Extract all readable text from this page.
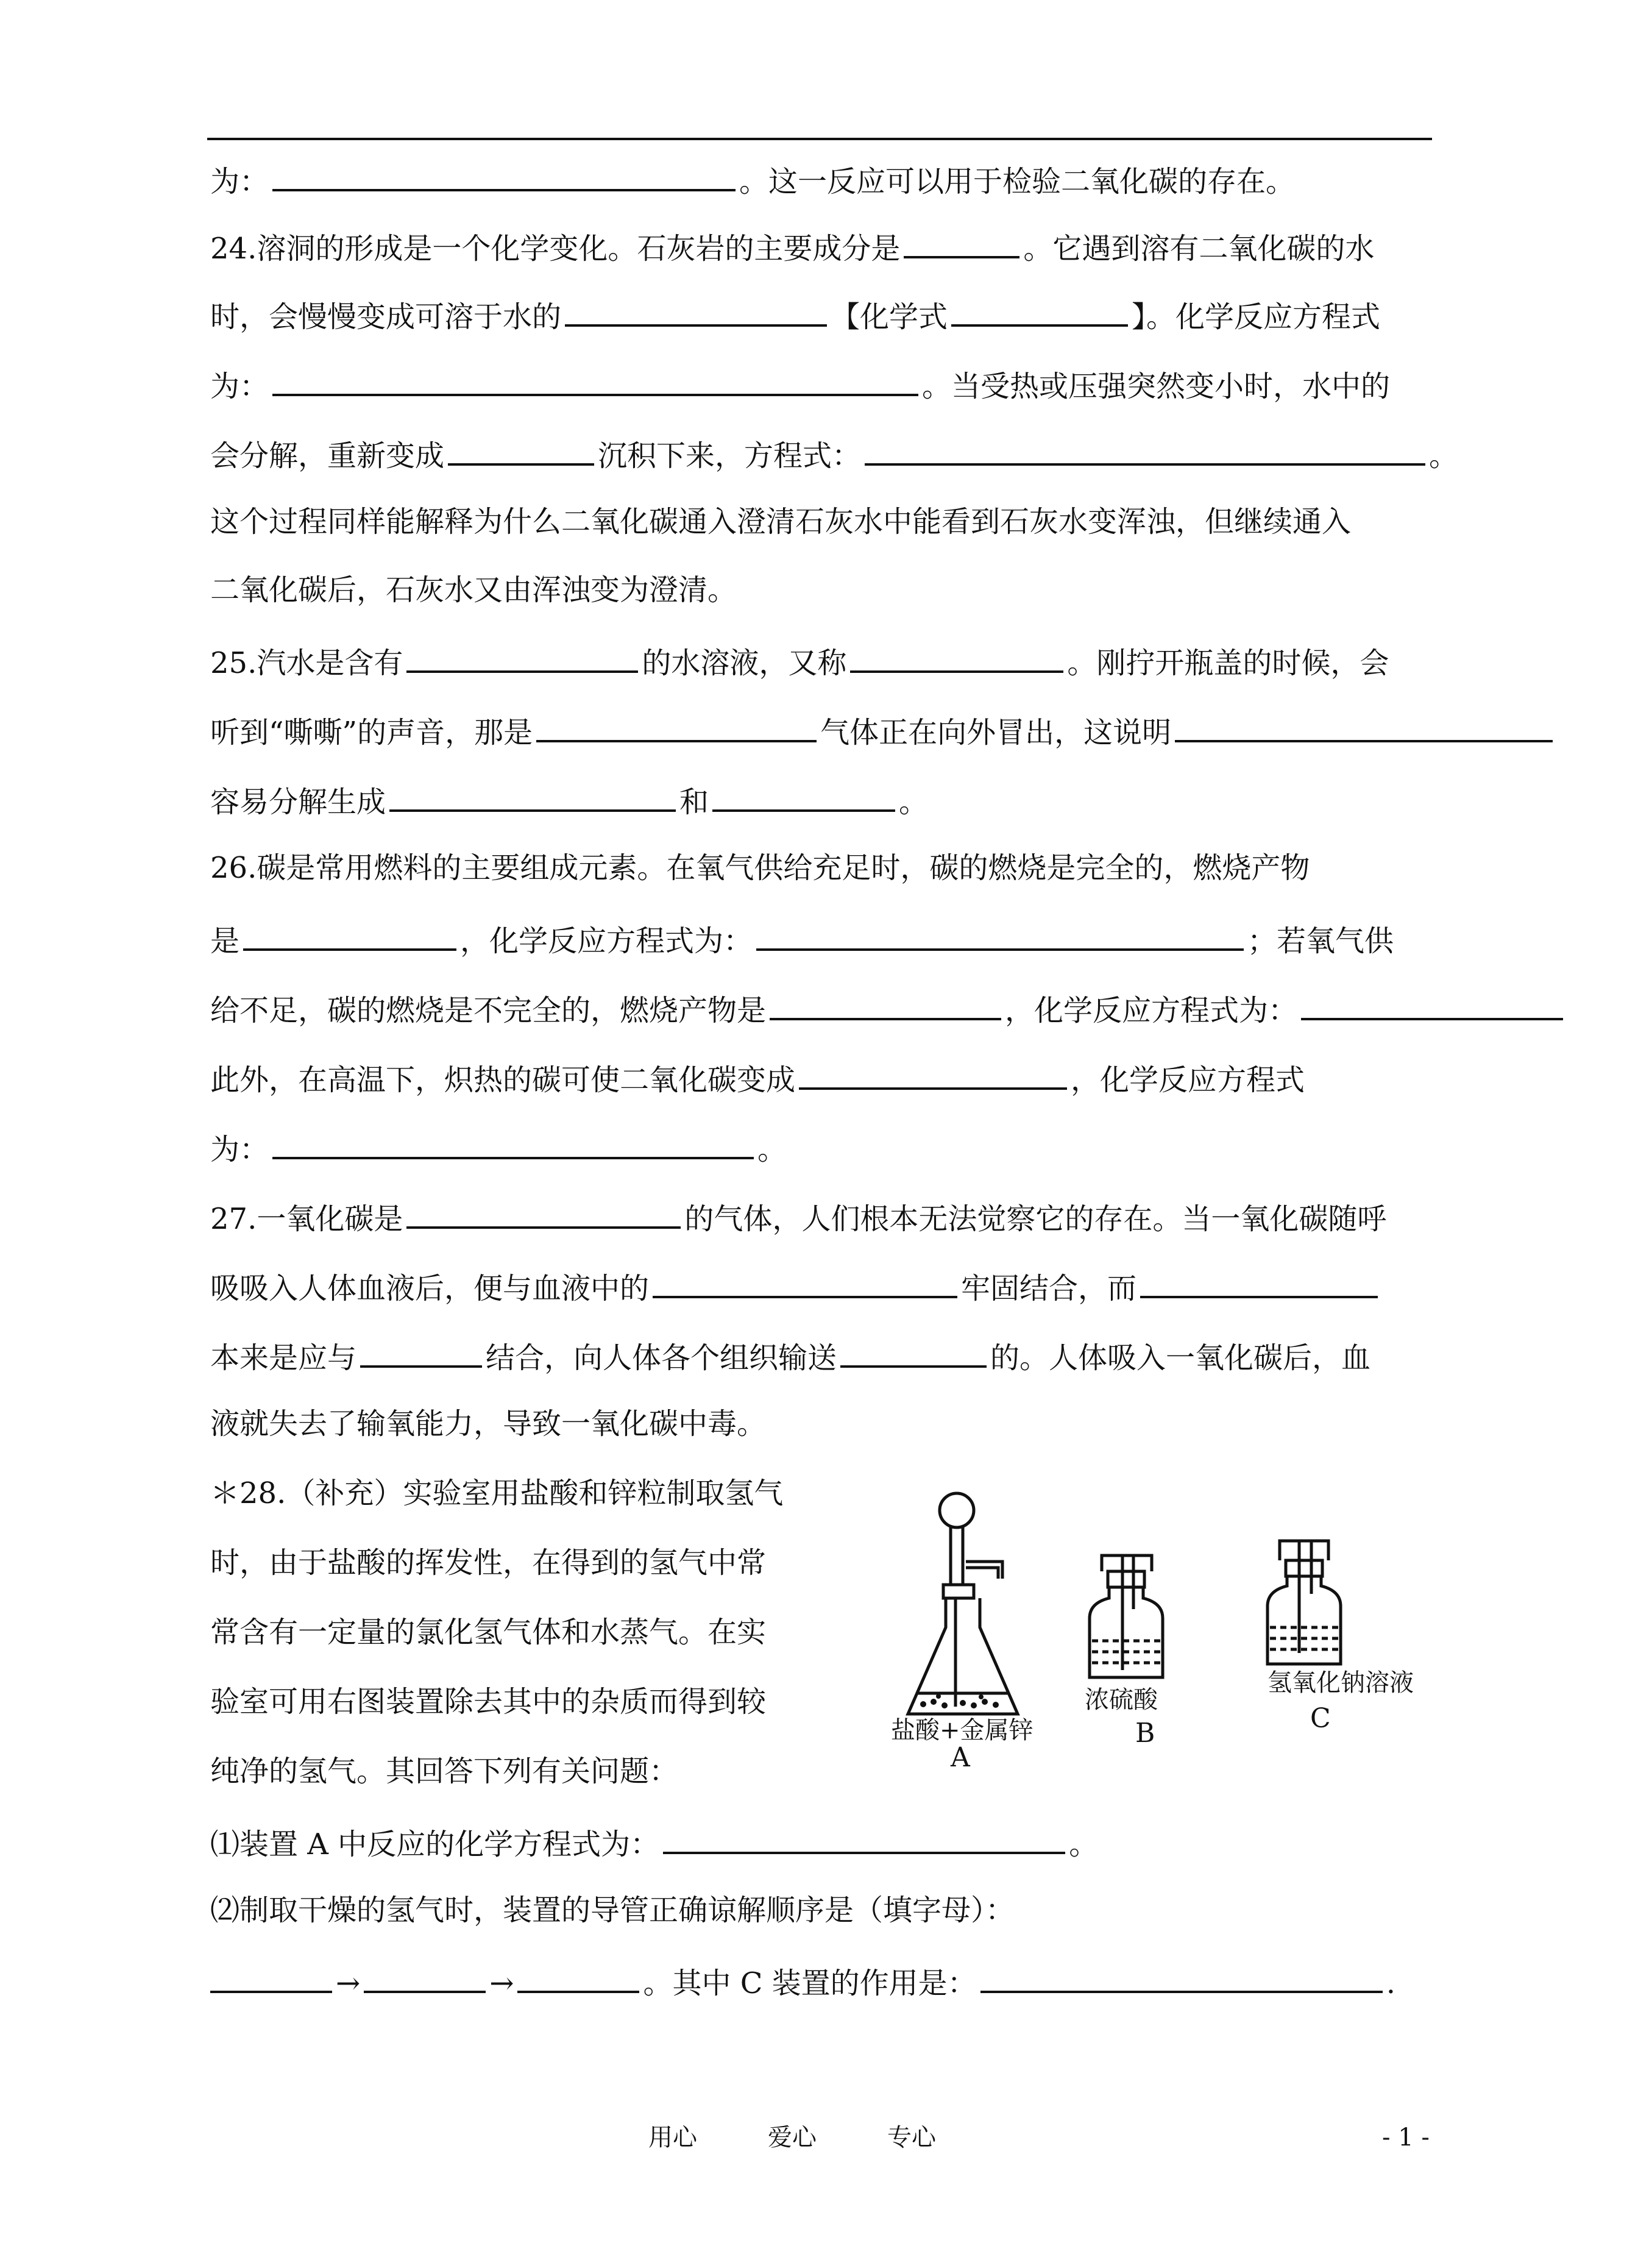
为：	。这一反应可以用于检验二氧化碳的存在。
24.溶洞的形成是一个化学变化。石灰岩的主要成分是	。它遇到溶有二氧化碳的水
时，会慢慢变成可溶于水的	【化学式	】。化学反应方程式
为：	。当受热或压强突然变小时，水中的
会分解，重新变成	沉积下来，方程式：	。
这个过程同样能解释为什么二氧化碳通入澄清石灰水中能看到石灰水变浑浊，但继续通入
二氧化碳后，石灰水又由浑浊变为澄清。
25.汽水是含有	的水溶液，又称	。刚拧开瓶盖的时候，会
听到“嘶嘶”的声音，那是	气体正在向外冒出，这说明
容易分解生成	和	。
26.碳是常用燃料的主要组成元素。在氧气供给充足时，碳的燃烧是完全的，燃烧产物
是	，化学反应方程式为：	；若氧气供
给不足，碳的燃烧是不完全的，燃烧产物是	，化学反应方程式为：
此外，在高温下，炽热的碳可使二氧化碳变成	，化学反应方程式
为：	。
27.一氧化碳是	的气体，人们根本无法觉察它的存在。当一氧化碳随呼
吸吸入人体血液后，便与血液中的	牢固结合，而
本来是应与	结合，向人体各个组织输送	的。人体吸入一氧化碳后，血
液就失去了输氧能力，导致一氧化碳中毒。
＊28.（补充）实验室用盐酸和锌粒制取氢气
时，由于盐酸的挥发性，在得到的氢气中常
常含有一定量的氯化氢气体和水蒸气。在实
验室可用右图装置除去其中的杂质而得到较
纯净的氢气。其回答下列有关问题：
⑴装置 A 中反应的化学方程式为：	。
⑵制取干燥的氢气时，装置的导管正确谅解顺序是（填字母）：
→	→	。其中 C 装置的作用是：	.
盐酸+金属锌
A
浓硫酸
B
氢氧化钠溶液
C
用心	爱心	专心	- 1 -
